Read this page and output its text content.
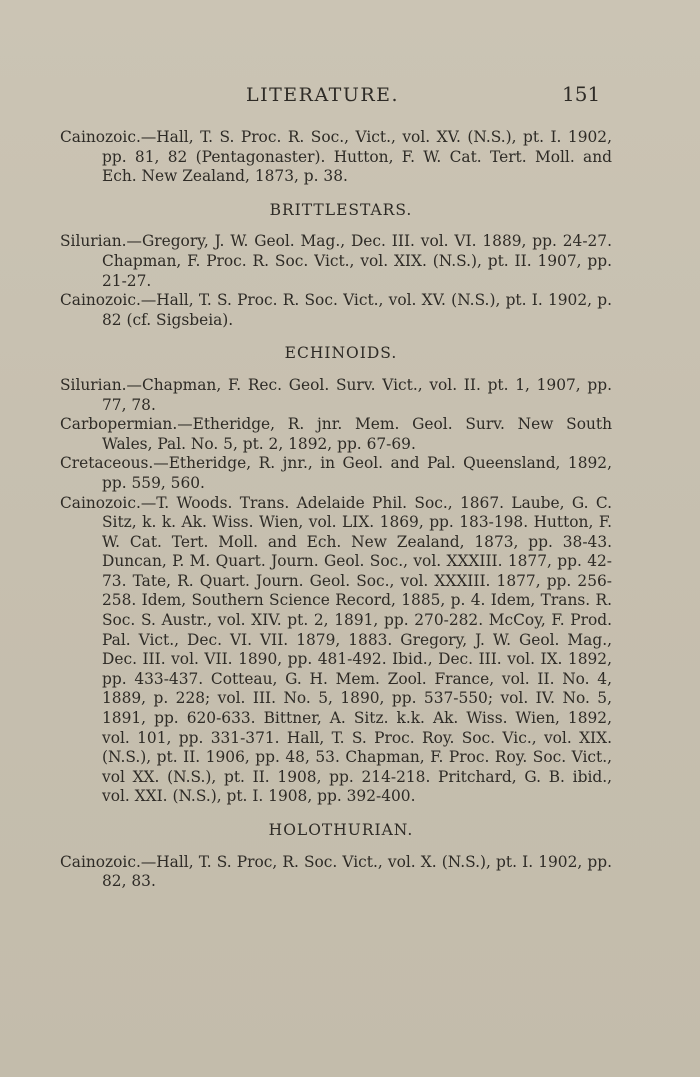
LITERATURE.	151

Cainozoic.—Hall, T. S. Proc. R. Soc., Vict., vol. XV. (N.S.), pt. I. 1902, pp. 81, 82 (Pentagonaster). Hutton, F. W. Cat. Tert. Moll. and Ech. New Zealand, 1873, p. 38.

BRITTLESTARS.

Silurian.—Gregory, J. W. Geol. Mag., Dec. III. vol. VI. 1889, pp. 24-27. Chapman, F. Proc. R. Soc. Vict., vol. XIX. (N.S.), pt. II. 1907, pp. 21-27.

Cainozoic.—Hall, T. S. Proc. R. Soc. Vict., vol. XV. (N.S.), pt. I. 1902, p. 82 (cf. Sigsbeia).

ECHINOIDS.

Silurian.—Chapman, F. Rec. Geol. Surv. Vict., vol. II. pt. 1, 1907, pp. 77, 78.

Carbopermian.—Etheridge, R. jnr. Mem. Geol. Surv. New South Wales, Pal. No. 5, pt. 2, 1892, pp. 67-69.

Cretaceous.—Etheridge, R. jnr., in Geol. and Pal. Queensland, 1892, pp. 559, 560.

Cainozoic.—T. Woods. Trans. Adelaide Phil. Soc., 1867. Laube, G. C. Sitz, k. k. Ak. Wiss. Wien, vol. LIX. 1869, pp. 183-198. Hutton, F. W. Cat. Tert. Moll. and Ech. New Zealand, 1873, pp. 38-43. Duncan, P. M. Quart. Journ. Geol. Soc., vol. XXXIII. 1877, pp. 42-73. Tate, R. Quart. Journ. Geol. Soc., vol. XXXIII. 1877, pp. 256-258. Idem, Southern Science Record, 1885, p. 4. Idem, Trans. R. Soc. S. Austr., vol. XIV. pt. 2, 1891, pp. 270-282. McCoy, F. Prod. Pal. Vict., Dec. VI. VII. 1879, 1883. Gregory, J. W. Geol. Mag., Dec. III. vol. VII. 1890, pp. 481-492. Ibid., Dec. III. vol. IX. 1892, pp. 433-437. Cotteau, G. H. Mem. Zool. France, vol. II. No. 4, 1889, p. 228; vol. III. No. 5, 1890, pp. 537-550; vol. IV. No. 5, 1891, pp. 620-633. Bittner, A. Sitz. k.k. Ak. Wiss. Wien, 1892, vol. 101, pp. 331-371. Hall, T. S. Proc. Roy. Soc. Vic., vol. XIX. (N.S.), pt. II. 1906, pp. 48, 53. Chapman, F. Proc. Roy. Soc. Vict., vol XX. (N.S.), pt. II. 1908, pp. 214-218. Pritchard, G. B. ibid., vol. XXI. (N.S.), pt. I. 1908, pp. 392-400.

HOLOTHURIAN.

Cainozoic.—Hall, T. S. Proc, R. Soc. Vict., vol. X. (N.S.), pt. I. 1902, pp. 82, 83.
